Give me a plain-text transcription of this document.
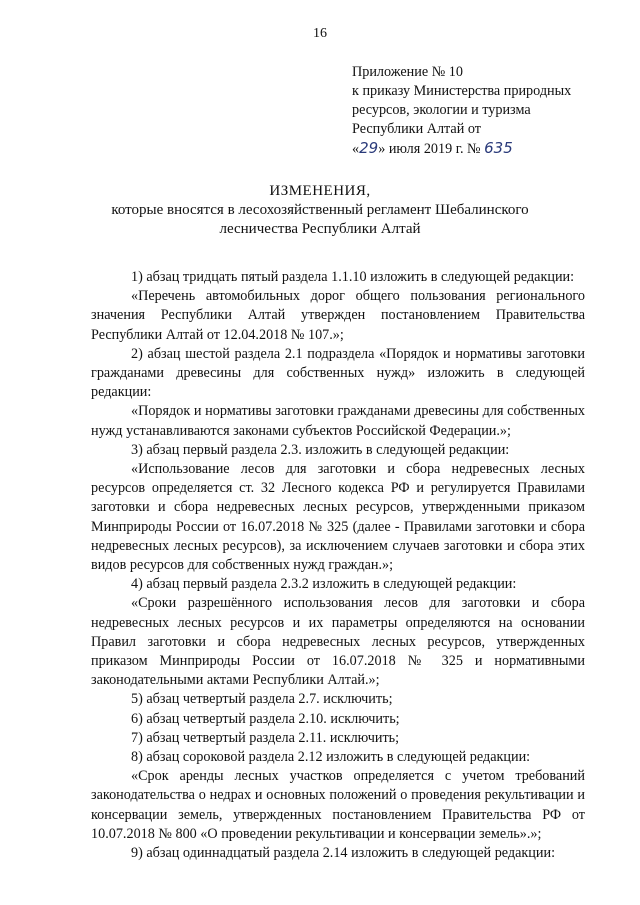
16
Приложение № 10
к приказу Министерства природных
ресурсов, экологии и туризма
Республики Алтай от
«29» июля 2019 г. № 635
ИЗМЕНЕНИЯ,
которые вносятся в лесохозяйственный регламент Шебалинского
лесничества Республики Алтай

1) абзац тридцать пятый раздела 1.1.10 изложить в следующей редакции:

«Перечень автомобильных дорог общего пользования регионального значения Республики Алтай утвержден постановлением Правительства Республики Алтай от 12.04.2018 № 107.»;

2) абзац шестой раздела 2.1 подраздела «Порядок и нормативы заготовки гражданами древесины для собственных нужд» изложить в следующей редакции:

«Порядок и нормативы заготовки гражданами древесины для собственных нужд устанавливаются законами субъектов Российской Федерации.»;

3) абзац первый раздела 2.3. изложить в следующей редакции:

«Использование лесов для заготовки и сбора недревесных лесных ресурсов определяется ст. 32 Лесного кодекса РФ и регулируется Правилами заготовки и сбора недревесных лесных ресурсов, утвержденными приказом Минприроды России от 16.07.2018 № 325 (далее - Правилами заготовки и сбора недревесных лесных ресурсов), за исключением случаев заготовки и сбора этих видов ресурсов для собственных нужд граждан.»;

4) абзац первый раздела 2.3.2 изложить в следующей редакции:

«Сроки разрешённого использования лесов для заготовки и сбора недревесных лесных ресурсов и их параметры определяются на основании Правил заготовки и сбора недревесных лесных ресурсов, утвержденных приказом Минприроды России от 16.07.2018 № 325 и нормативными законодательными актами Республики Алтай.»;

5) абзац четвертый раздела 2.7. исключить;

6) абзац четвертый раздела 2.10. исключить;

7) абзац четвертый раздела 2.11. исключить;

8) абзац сороковой раздела 2.12 изложить в следующей редакции:

«Срок аренды лесных участков определяется с учетом требований законодательства о недрах и основных положений о проведения рекультивации и консервации земель, утвержденных постановлением Правительства РФ от 10.07.2018 № 800 «О проведении рекультивации и консервации земель».»;

9) абзац одиннадцатый раздела 2.14 изложить в следующей редакции:
